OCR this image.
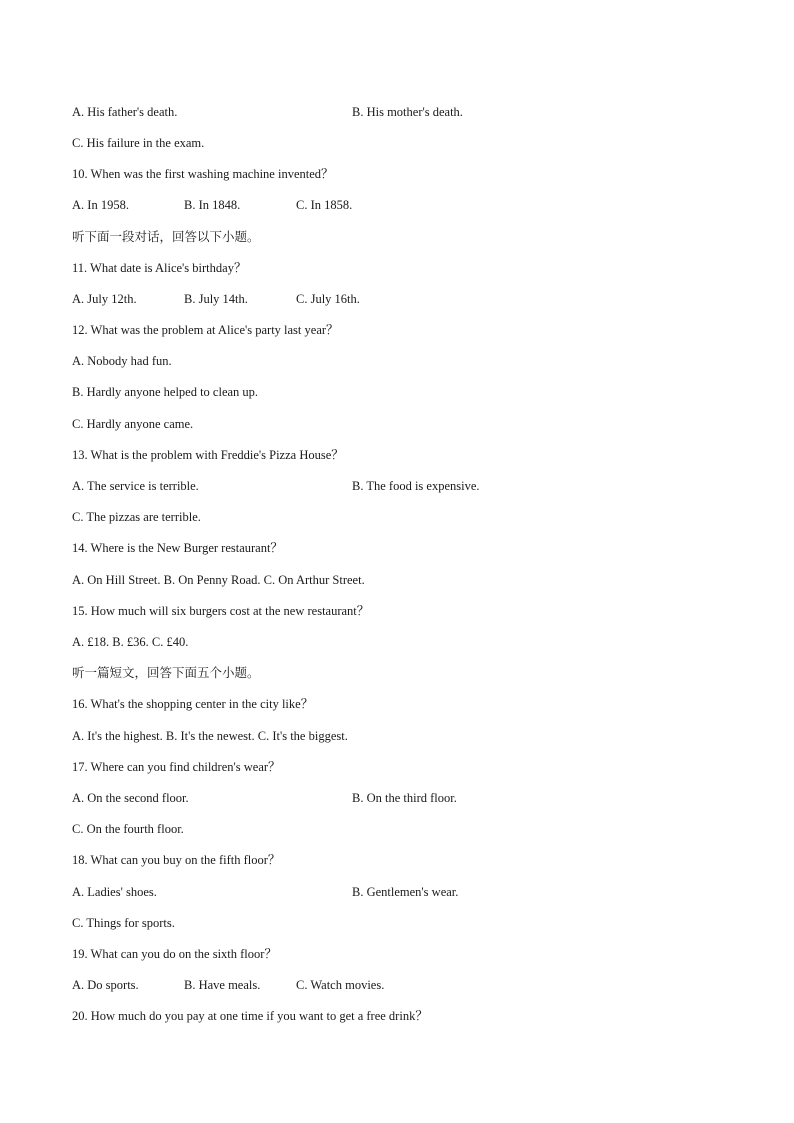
A. His father's death.	B. His mother's death.
C. His failure in the exam.
10. When was the first washing machine invented？
A. In 1958.	B. In 1848.	C. In 1858.
听下面一段对话，回答以下小题。
11. What date is Alice's birthday？
A. July 12th.	B. July 14th.	C. July 16th.
12. What was the problem at Alice's party last year？
A. Nobody had fun.
B. Hardly anyone helped to clean up.
C. Hardly anyone came.
13. What is the problem with Freddie's Pizza House？
A. The service is terrible.	B. The food is expensive.
C. The pizzas are terrible.
14. Where is the New Burger restaurant？
A. On Hill Street. B. On Penny Road. C. On Arthur Street.
15. How much will six burgers cost at the new restaurant？
A. £18. B. £36. C. £40.
听一篇短文，回答下面五个小题。
16. What's the shopping center in the city like？
A. It's the highest. B. It's the newest. C. It's the biggest.
17. Where can you find children's wear？
A. On the second floor.	B. On the third floor.
C. On the fourth floor.
18. What can you buy on the fifth floor？
A. Ladies' shoes.	B. Gentlemen's wear.
C. Things for sports.
19. What can you do on the sixth floor？
A. Do sports.	B. Have meals.	C. Watch movies.
20. How much do you pay at one time if you want to get a free drink？
